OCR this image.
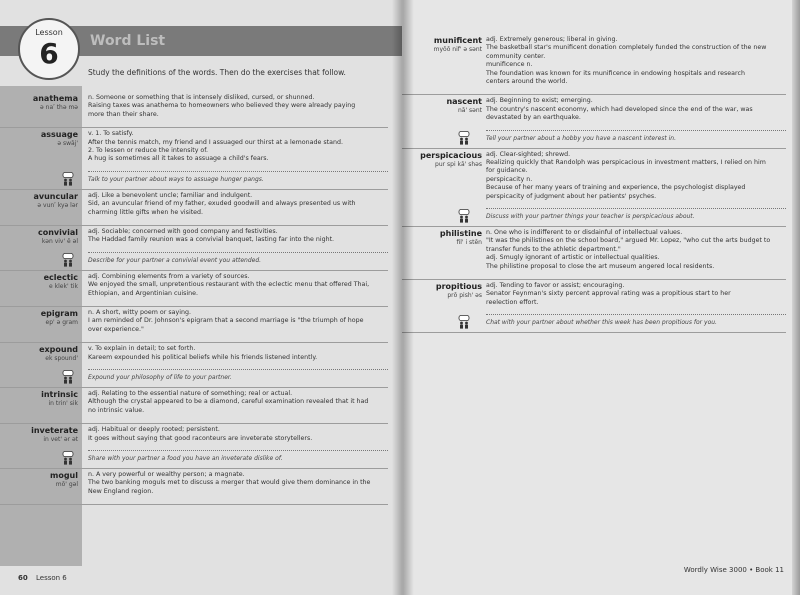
Lesson
6	Word List
Study the definitions of the words. Then do the exercises that follow.
anathema
ə naʹ thə mə
n. Someone or something that is intensely disliked, cursed, or shunned.
Raising taxes was anathema to homeowners who believed they were already paying
more than their share.
assuage
ə swāj'
v. 1. To satisfy.
After the tennis match, my friend and I assuaged our thirst at a lemonade stand.
2. To lessen or reduce the intensity of.
A hug is sometimes all it takes to assuage a child's fears.
Talk to your partner about ways to assuage hunger pangs.
avuncular
ə vunʹ kyə lər
adj. Like a benevolent uncle; familiar and indulgent.
Sid, an avuncular friend of my father, exuded goodwill and always presented us with
charming little gifts when he visited.
convivial
kən viv' ē əl
adj. Sociable; concerned with good company and festivities.
The Haddad family reunion was a convivial banquet, lasting far into the night.
Describe for your partner a convivial event you attended.
eclectic
e klek' tik
adj. Combining elements from a variety of sources.
We enjoyed the small, unpretentious restaurant with the eclectic menu that offered Thai,
Ethiopian, and Argentinian cuisine.
epigram
ep' ə gram
n. A short, witty poem or saying.
I am reminded of Dr. Johnson's epigram that a second marriage is "the triumph of hope
over experience."
expound
ek spound'
v. To explain in detail; to set forth.
Kareem expounded his political beliefs while his friends listened intently.
Expound your philosophy of life to your partner.
intrinsic
in trin' sik
adj. Relating to the essential nature of something; real or actual.
Although the crystal appeared to be a diamond, careful examination revealed that it had
no intrinsic value.
inveterate
in vet' ər ət
adj. Habitual or deeply rooted; persistent.
It goes without saying that good raconteurs are inveterate storytellers.
Share with your partner a food you have an inveterate dislike of.
mogul
mō' gəl
n. A very powerful or wealthy person; a magnate.
The two banking moguls met to discuss a merger that would give them dominance in the
New England region.
60 Lesson 6
munificent
myōō nif' ə sənt
adj. Extremely generous; liberal in giving.
The basketball star's munificent donation completely funded the construction of the new
community center.
munificence n.
The foundation was known for its munificence in endowing hospitals and research
centers around the world.
nascent
nā' sənt
adj. Beginning to exist; emerging.
The country's nascent economy, which had developed since the end of the war, was
devastated by an earthquake.
Tell your partner about a hobby you have a nascent interest in.
perspicacious
pur spi kā' shəs
adj. Clear-sighted; shrewd.
Realizing quickly that Randolph was perspicacious in investment matters, I relied on him
for guidance.
perspicacity n.
Because of her many years of training and experience, the psychologist displayed
perspicacity of judgment about her patients' psyches.
Discuss with your partner things your teacher is perspicacious about.
philistine
fil' i stēn
n. One who is indifferent to or disdainful of intellectual values.
"It was the philistines on the school board," argued Mr. Lopez, "who cut the arts budget to
transfer funds to the athletic department."
adj. Smugly ignorant of artistic or intellectual qualities.
The philistine proposal to close the art museum angered local residents.
propitious
prō pish' əs
adj. Tending to favor or assist; encouraging.
Senator Feynman's sixty percent approval rating was a propitious start to her
reelection effort.
Chat with your partner about whether this week has been propitious for you.
Wordly Wise 3000 • Book 11
